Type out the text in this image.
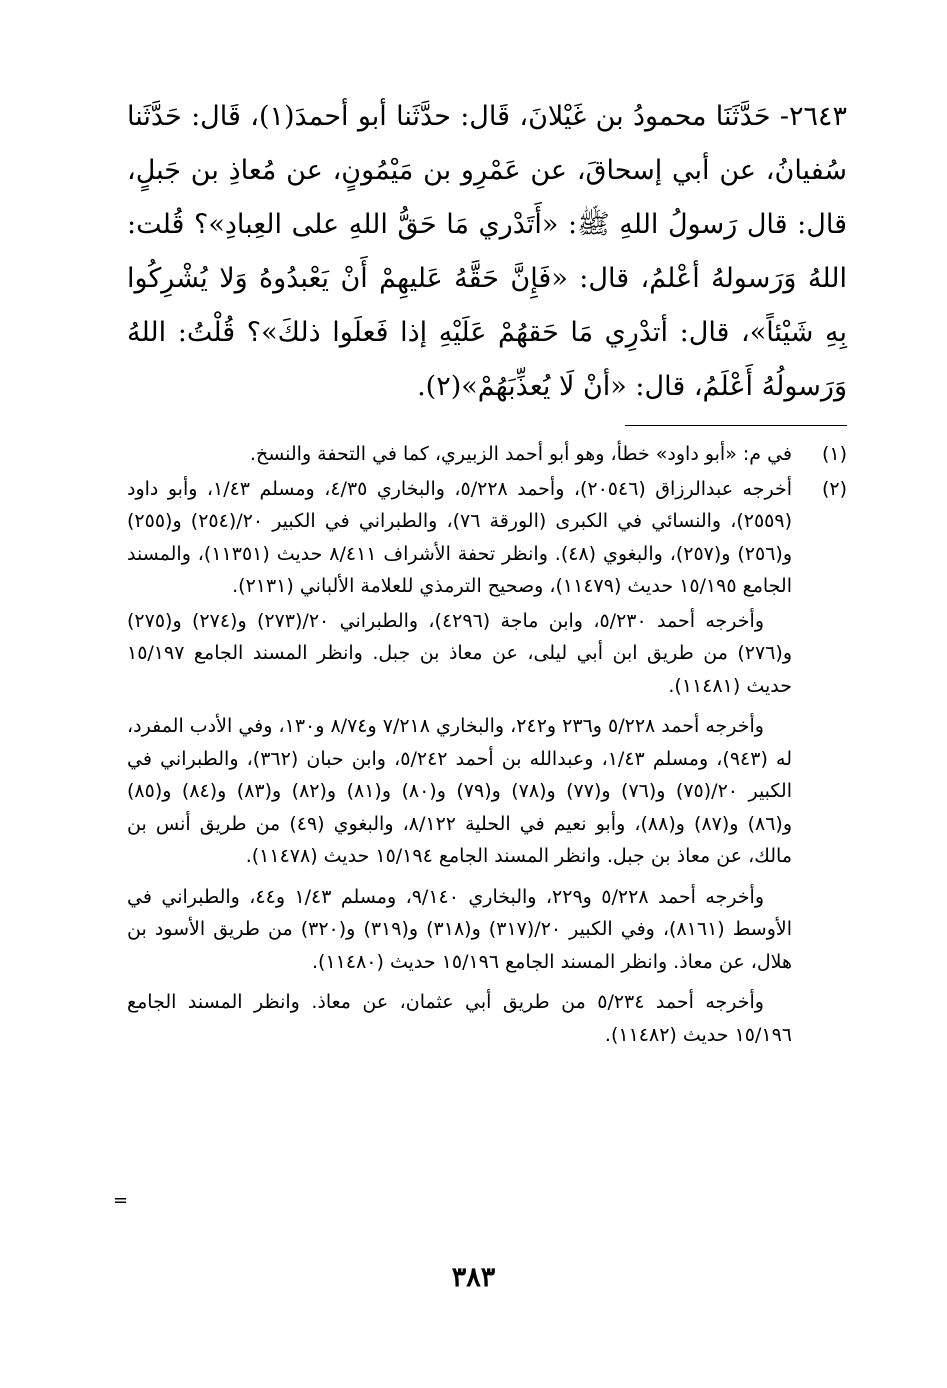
٢٦٤٣- حَدَّثَنَا محمودُ بن غَيْلانَ، قَال: حدَّثَنا أبو أحمدَ(١)، قَال: حَدَّثَنا سُفيانُ، عن أبي إسحاقَ، عن عَمْرِو بن مَيْمُونٍ، عن مُعاذِ بن جَبلٍ، قال: قال رَسولُ اللهِ ﷺ: «أَتَدْري مَا حَقُّ اللهِ على العِبادِ»؟ قُلت: اللهُ وَرَسولهُ أعْلمُ، قال: «فَإِنَّ حَقَّهُ عَليهِمْ أَنْ يَعْبدُوهُ وَلا يُشْرِكُوا بِهِ شَيْئاً»، قال: أتدْرِي مَا حَقهُمْ عَلَيْهِ إذا فَعلَوا ذلكَ»؟ قُلْتُ: اللهُ وَرَسولُهُ أَعْلَمُ، قال: «أنْ لَا يُعذِّبَهُمْ»(٢).

(١)

في م: «أبو داود» خطأ، وهو أبو أحمد الزبيري، كما في التحفة والنسخ.

(٢)

أخرجه عبدالرزاق (٢٠٥٤٦)، وأحمد ٥/٢٢٨، والبخاري ٤/٣٥، ومسلم ١/٤٣، وأبو داود (٢٥٥٩)، والنسائي في الكبرى (الورقة ٧٦)، والطبراني في الكبير ٢٠/(٢٥٤) و(٢٥٥) و(٢٥٦) و(٢٥٧)، والبغوي (٤٨). وانظر تحفة الأشراف ٨/٤١١ حديث (١١٣٥١)، والمسند الجامع ١٥/١٩٥ حديث (١١٤٧٩)، وصحيح الترمذي للعلامة الألباني (٢١٣١).

وأخرجه أحمد ٥/٢٣٠، وابن ماجة (٤٢٩٦)، والطبراني ٢٠/(٢٧٣) و(٢٧٤) و(٢٧٥) و(٢٧٦) من طريق ابن أبي ليلى، عن معاذ بن جبل. وانظر المسند الجامع ١٥/١٩٧ حديث (١١٤٨١).

وأخرجه أحمد ٥/٢٢٨ و٢٣٦ و٢٤٢، والبخاري ٧/٢١٨ و٨/٧٤ و١٣٠، وفي الأدب المفرد، له (٩٤٣)، ومسلم ١/٤٣، وعبدالله بن أحمد ٥/٢٤٢، وابن حبان (٣٦٢)، والطبراني في الكبير ٢٠/(٧٥) و(٧٦) و(٧٧) و(٧٨) و(٧٩) و(٨٠) و(٨١) و(٨٢) و(٨٣) و(٨٤) و(٨٥) و(٨٦) و(٨٧) و(٨٨)، وأبو نعيم في الحلية ٨/١٢٢، والبغوي (٤٩) من طريق أنس بن مالك، عن معاذ بن جبل. وانظر المسند الجامع ١٥/١٩٤ حديث (١١٤٧٨).

وأخرجه أحمد ٥/٢٢٨ و٢٢٩، والبخاري ٩/١٤٠، ومسلم ١/٤٣ و٤٤، والطبراني في الأوسط (٨١٦١)، وفي الكبير ٢٠/(٣١٧) و(٣١٨) و(٣١٩) و(٣٢٠) من طريق الأسود بن هلال، عن معاذ. وانظر المسند الجامع ١٥/١٩٦ حديث (١١٤٨٠).

وأخرجه أحمد ٥/٢٣٤ من طريق أبي عثمان، عن معاذ. وانظر المسند الجامع ١٥/١٩٦ حديث (١١٤٨٢).

=
٣٨٣
